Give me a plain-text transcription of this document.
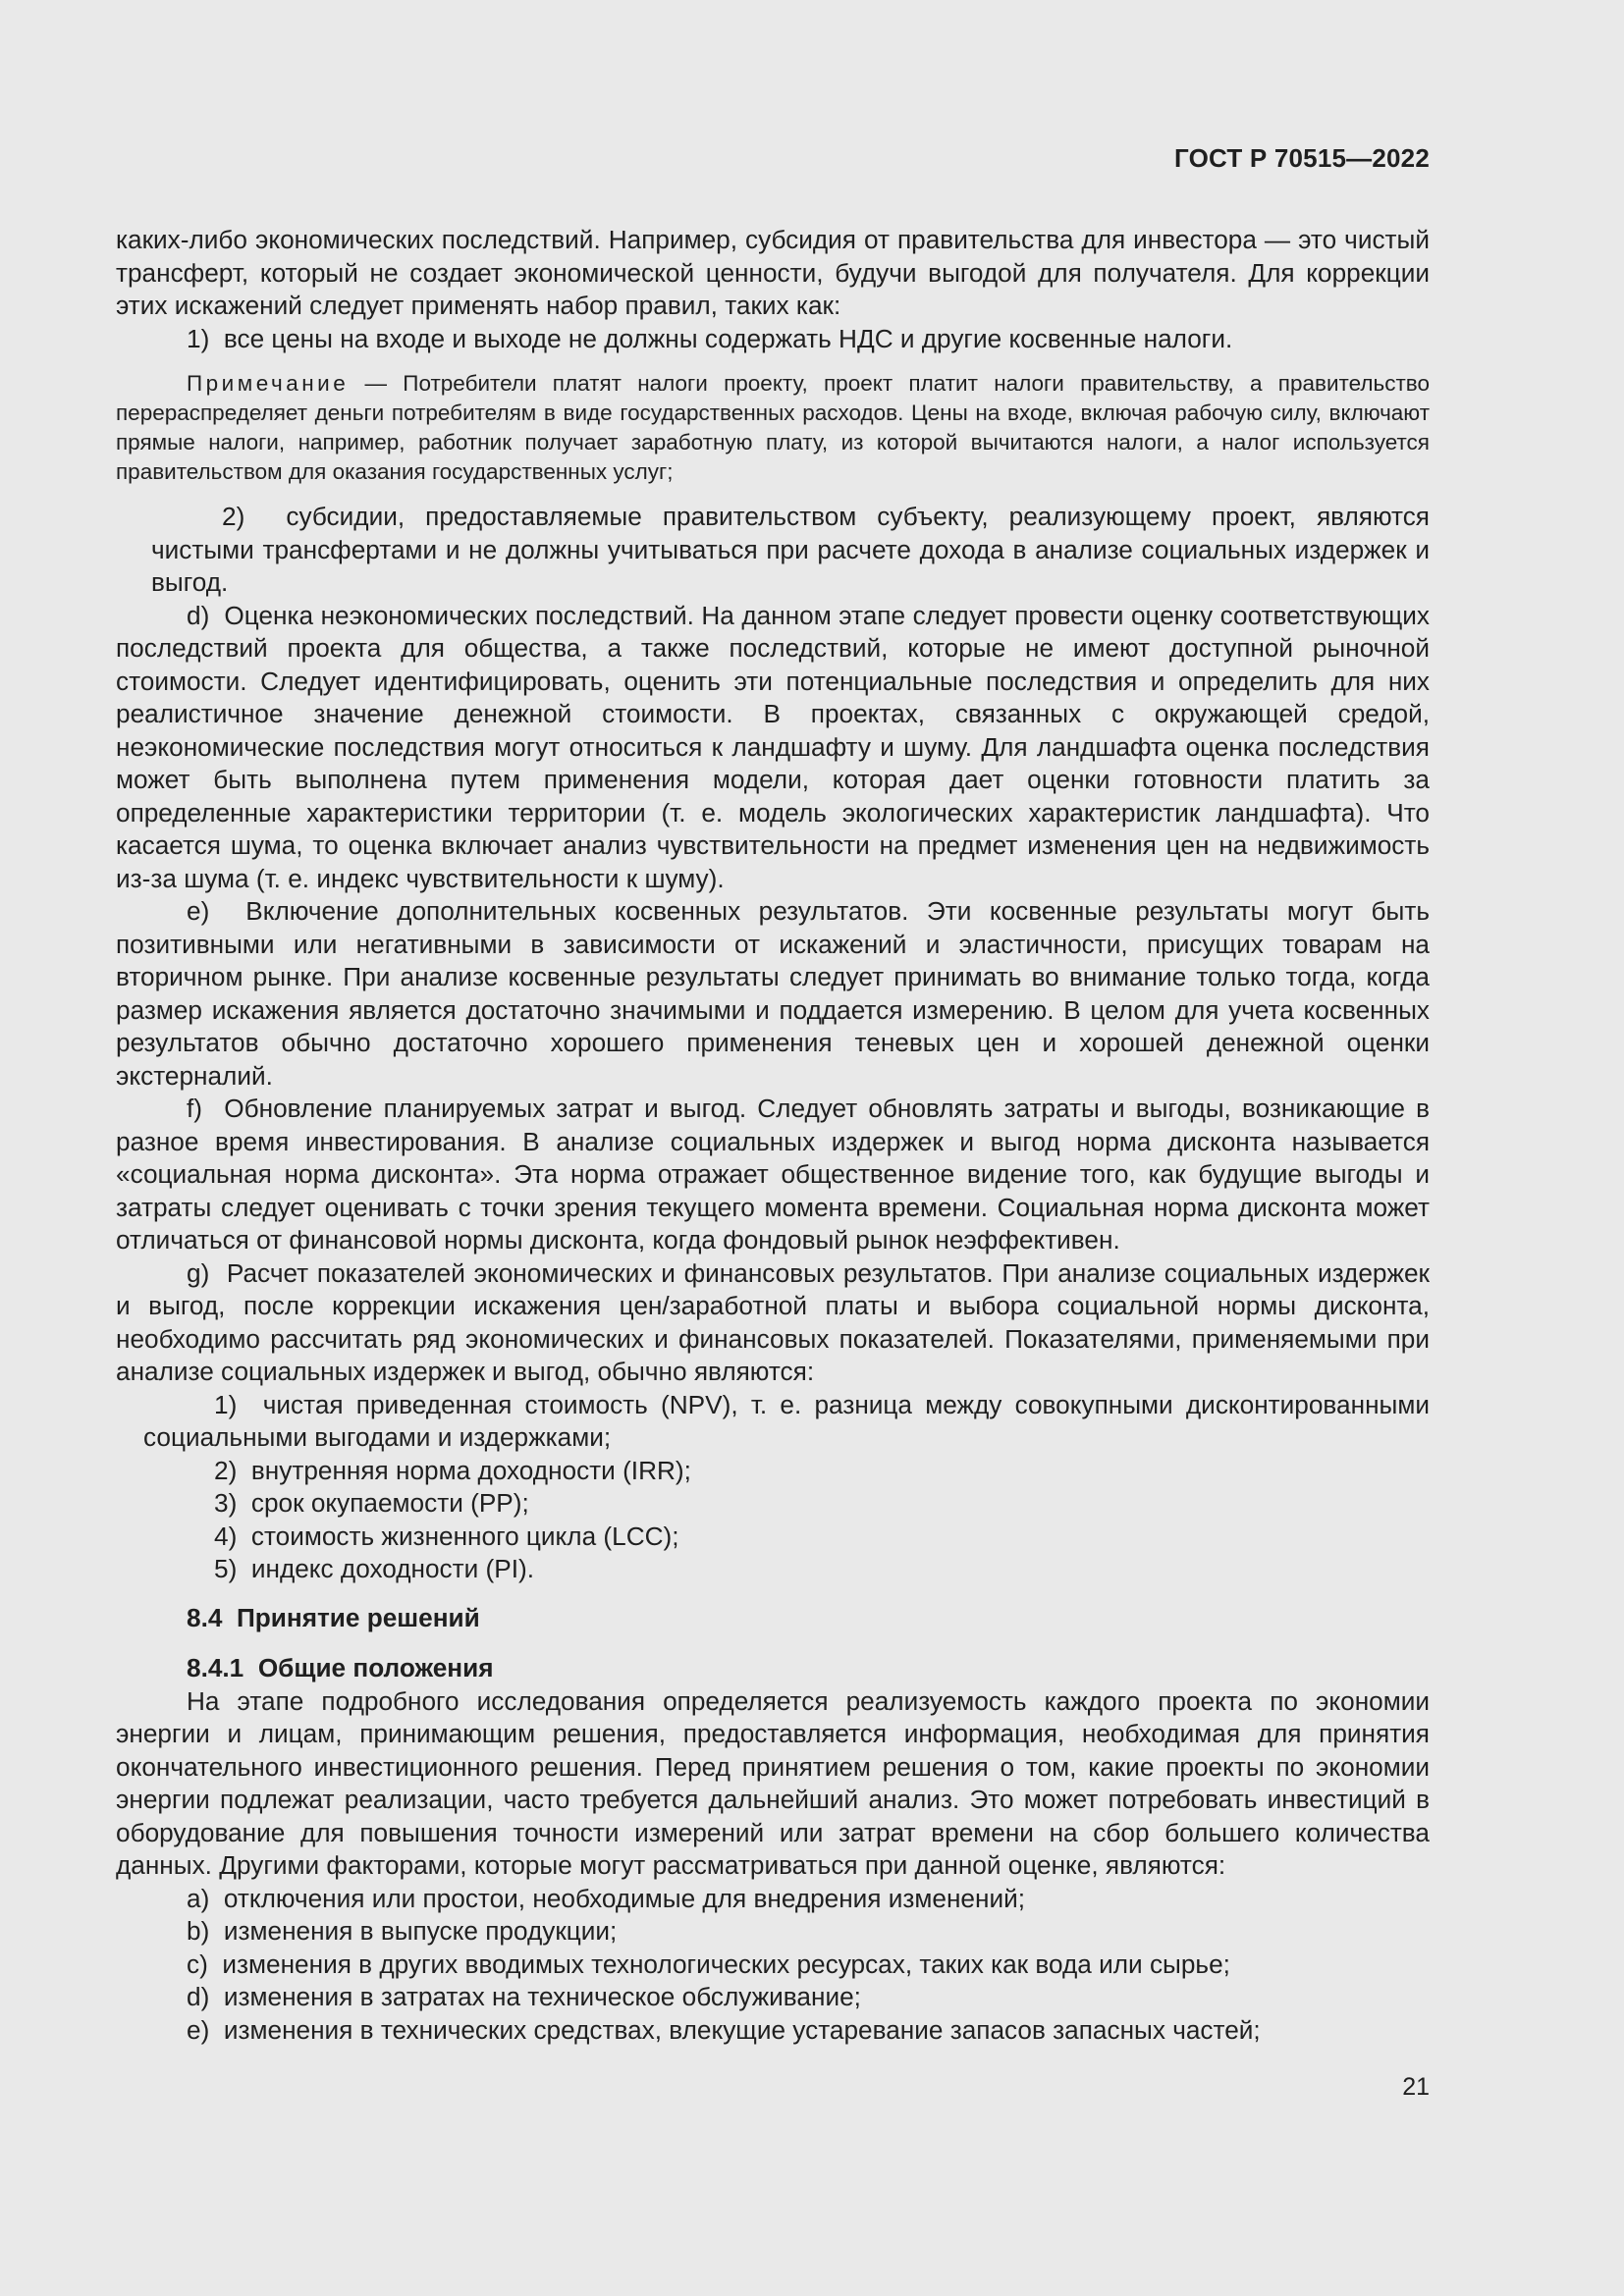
ГОСТ Р 70515—2022

каких-либо экономических последствий. Например, субсидия от правительства для инвестора — это чистый трансферт, который не создает экономической ценности, будучи выгодой для получателя. Для коррекции этих искажений следует применять набор правил, таких как:

1) все цены на входе и выходе не должны содержать НДС и другие косвенные налоги.

Примечание — Потребители платят налоги проекту, проект платит налоги правительству, а правительство перераспределяет деньги потребителям в виде государственных расходов. Цены на входе, включая рабочую силу, включают прямые налоги, например, работник получает заработную плату, из которой вычитаются налоги, а налог используется правительством для оказания государственных услуг;

2) субсидии, предоставляемые правительством субъекту, реализующему проект, являются чистыми трансфертами и не должны учитываться при расчете дохода в анализе социальных издержек и выгод.

d) Оценка неэкономических последствий. На данном этапе следует провести оценку соответствующих последствий проекта для общества, а также последствий, которые не имеют доступной рыночной стоимости. Следует идентифицировать, оценить эти потенциальные последствия и определить для них реалистичное значение денежной стоимости. В проектах, связанных с окружающей средой, неэкономические последствия могут относиться к ландшафту и шуму. Для ландшафта оценка последствия может быть выполнена путем применения модели, которая дает оценки готовности платить за определенные характеристики территории (т. е. модель экологических характеристик ландшафта). Что касается шума, то оценка включает анализ чувствительности на предмет изменения цен на недвижимость из-за шума (т. е. индекс чувствительности к шуму).

e) Включение дополнительных косвенных результатов. Эти косвенные результаты могут быть позитивными или негативными в зависимости от искажений и эластичности, присущих товарам на вторичном рынке. При анализе косвенные результаты следует принимать во внимание только тогда, когда размер искажения является достаточно значимыми и поддается измерению. В целом для учета косвенных результатов обычно достаточно хорошего применения теневых цен и хорошей денежной оценки экстерналий.

f) Обновление планируемых затрат и выгод. Следует обновлять затраты и выгоды, возникающие в разное время инвестирования. В анализе социальных издержек и выгод норма дисконта называется «социальная норма дисконта». Эта норма отражает общественное видение того, как будущие выгоды и затраты следует оценивать с точки зрения текущего момента времени. Социальная норма дисконта может отличаться от финансовой нормы дисконта, когда фондовый рынок неэффективен.

g) Расчет показателей экономических и финансовых результатов. При анализе социальных издержек и выгод, после коррекции искажения цен/заработной платы и выбора социальной нормы дисконта, необходимо рассчитать ряд экономических и финансовых показателей. Показателями, применяемыми при анализе социальных издержек и выгод, обычно являются:

1) чистая приведенная стоимость (NPV), т. е. разница между совокупными дисконтированными социальными выгодами и издержками;

2) внутренняя норма доходности (IRR);

3) срок окупаемости (PP);

4) стоимость жизненного цикла (LCC);

5) индекс доходности (PI).

8.4 Принятие решений

8.4.1 Общие положения

На этапе подробного исследования определяется реализуемость каждого проекта по экономии энергии и лицам, принимающим решения, предоставляется информация, необходимая для принятия окончательного инвестиционного решения. Перед принятием решения о том, какие проекты по экономии энергии подлежат реализации, часто требуется дальнейший анализ. Это может потребовать инвестиций в оборудование для повышения точности измерений или затрат времени на сбор большего количества данных. Другими факторами, которые могут рассматриваться при данной оценке, являются:

a) отключения или простои, необходимые для внедрения изменений;

b) изменения в выпуске продукции;

c) изменения в других вводимых технологических ресурсах, таких как вода или сырье;

d) изменения в затратах на техническое обслуживание;

e) изменения в технических средствах, влекущие устаревание запасов запасных частей;

21
